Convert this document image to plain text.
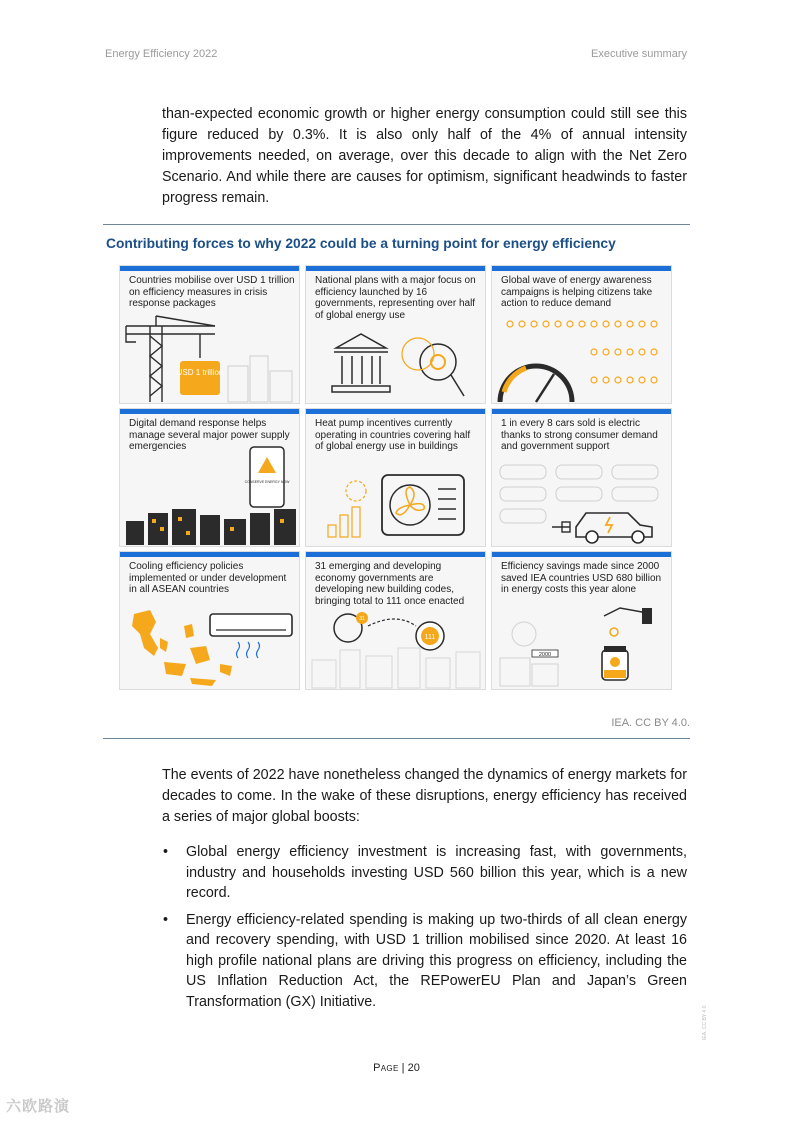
Energy Efficiency 2022	Executive summary

than-expected economic growth or higher energy consumption could still see this figure reduced by 0.3%. It is also only half of the 4% of annual intensity improvements needed, on average, over this decade to align with the Net Zero Scenario. And while there are causes for optimism, significant headwinds to faster progress remain.

Contributing forces to why 2022 could be a turning point for energy efficiency
USD 1 trillion
Countries mobilise over USD 1 trillion on efficiency measures in crisis response packages
National plans with a major focus on efficiency launched by 16 governments, representing over half of global energy use
Global wave of energy awareness campaigns is helping citizens take action to reduce demand
CONSERVE ENERGY NOW
Digital demand response helps manage several major power supply emergencies
Heat pump incentives currently operating in countries covering half of global energy use in buildings
1 in every 8 cars sold is electric thanks to strong consumer demand and government support
Cooling efficiency policies implemented or under development in all ASEAN countries
31
111
31 emerging and developing economy governments are developing new building codes, bringing total to 111 once enacted
2000
Efficiency savings made since 2000 saved IEA countries USD 680 billion in energy costs this year alone
IEA. CC BY 4.0.

The events of 2022 have nonetheless changed the dynamics of energy markets for decades to come. In the wake of these disruptions, energy efficiency has received a series of major global boosts:

• Global energy efficiency investment is increasing fast, with governments, industry and households investing USD 560 billion this year, which is a new record.
• Energy efficiency-related spending is making up two-thirds of all clean energy and recovery spending, with USD 1 trillion mobilised since 2020. At least 16 high profile national plans are driving this progress on efficiency, including the US Inflation Reduction Act, the REPowerEU Plan and Japan’s Green Transformation (GX) Initiative.
Page | 20
IEA. CC BY 4.0.
六欧路演
